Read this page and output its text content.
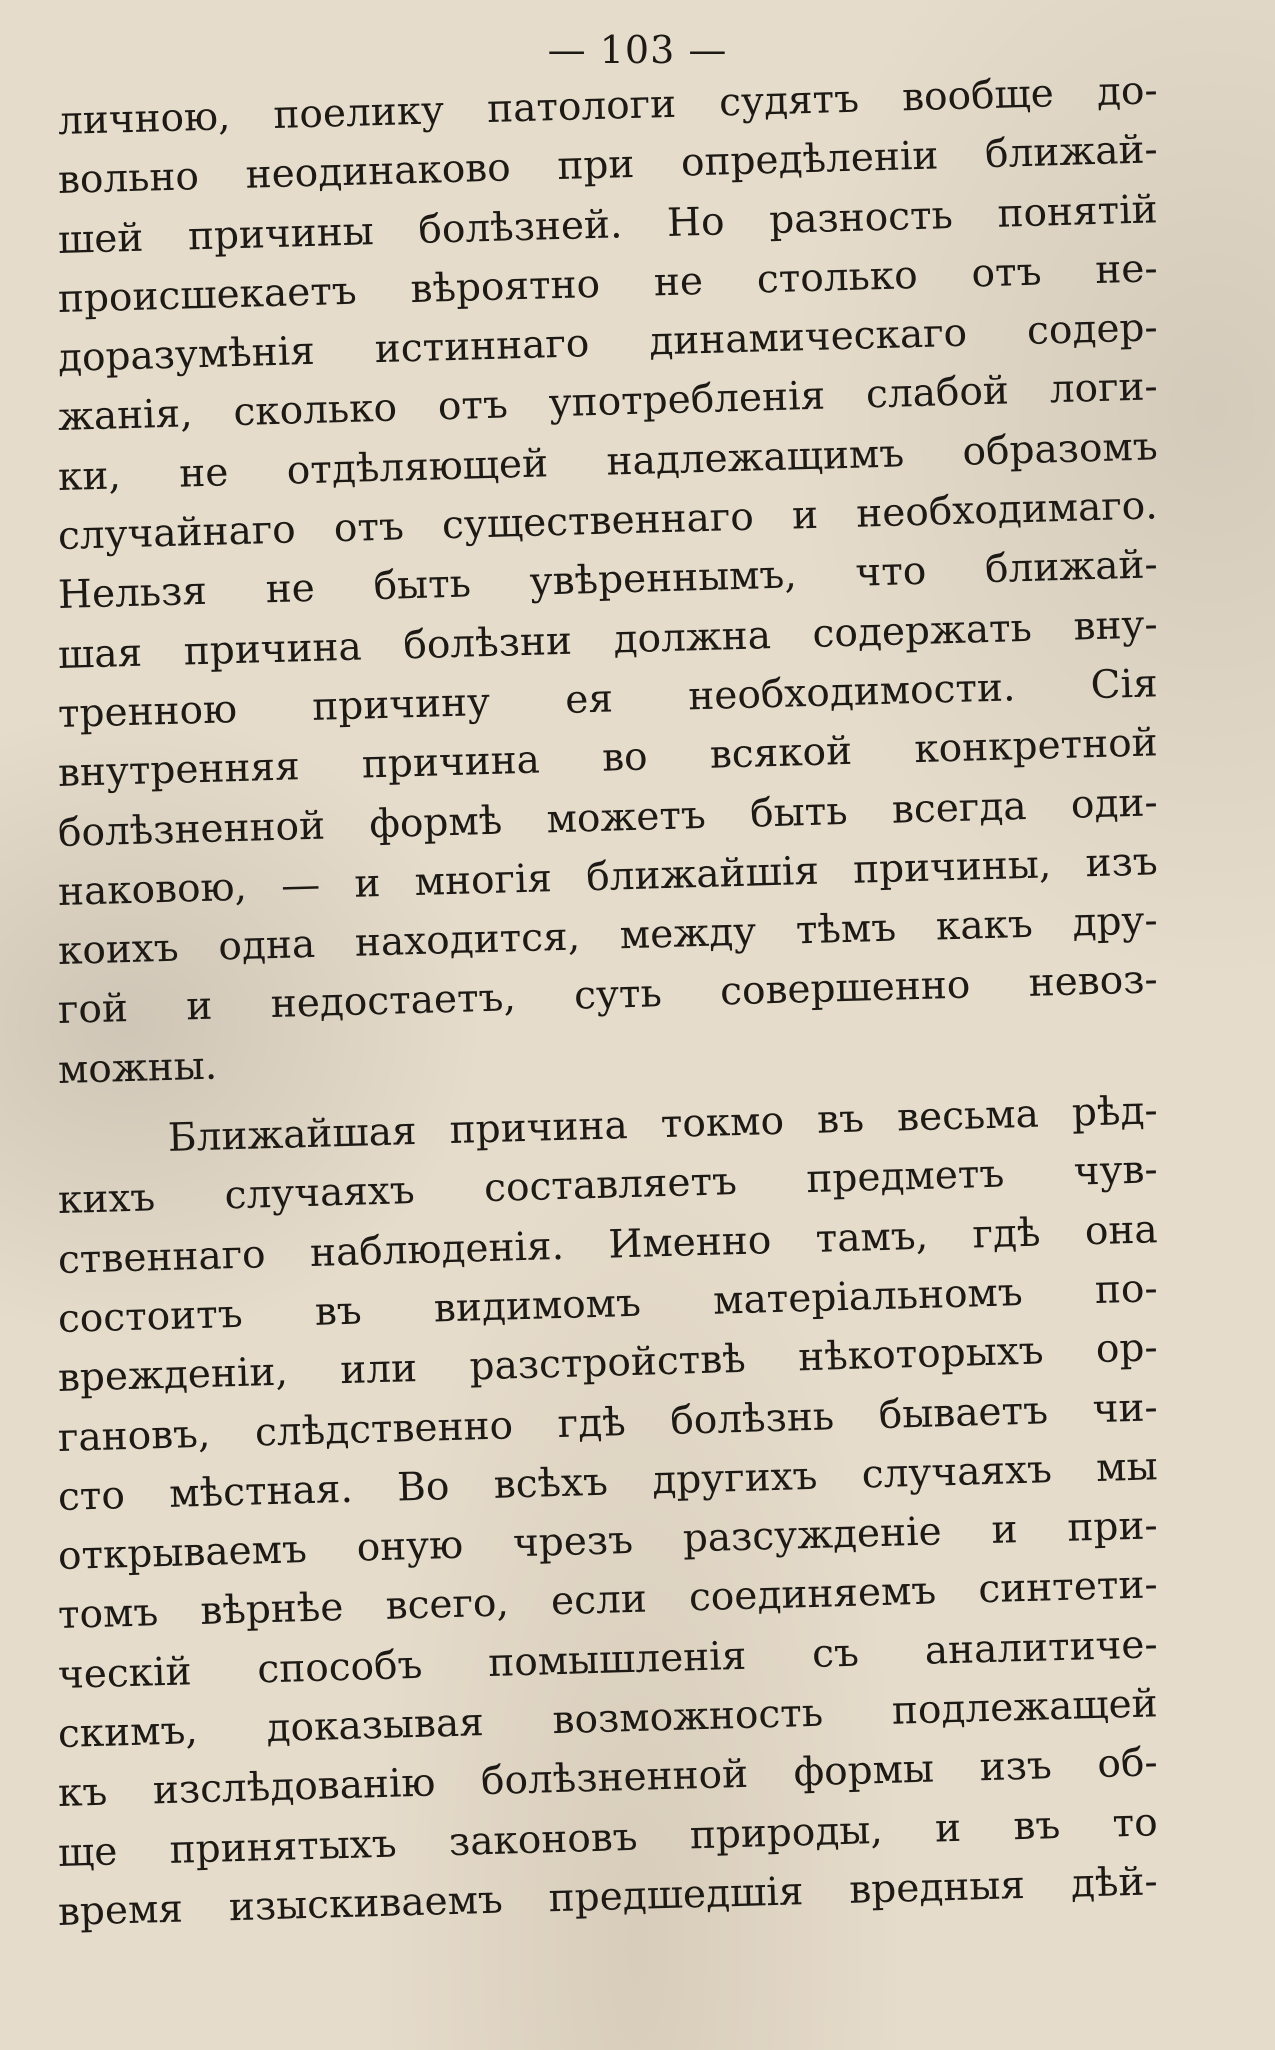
— 103 —
личною, поелику патологи судятъ вообще до-
вольно неодинаково при опредѣленіи ближай-
шей причины болѣзней. Но разность понятій
происшекаетъ вѣроятно не столько отъ не-
доразумѣнія истиннаго динамическаго содер-
жанія, сколько отъ употребленія слабой логи-
ки, не отдѣляющей надлежащимъ образомъ
случайнаго отъ существеннаго и необходимаго.
Нельзя не быть увѣреннымъ, что ближай-
шая причина болѣзни должна содержать вну-
тренною причину ея необходимости. Сія
внутренняя причина во всякой конкретной
болѣзненной формѣ можетъ быть всегда оди-
наковою, — и многія ближайшія причины, изъ
коихъ одна находится, между тѣмъ какъ дру-
гой и недостаетъ, суть совершенно невоз-
можны.
Ближайшая причина токмо въ весьма рѣд-
кихъ случаяхъ составляетъ предметъ чув-
ственнаго наблюденія. Именно тамъ, гдѣ она
состоитъ въ видимомъ матеріальномъ по-
врежденіи, или разстройствѣ нѣкоторыхъ ор-
гановъ, слѣдственно гдѣ болѣзнь бываетъ чи-
сто мѣстная. Во всѣхъ другихъ случаяхъ мы
открываемъ оную чрезъ разсужденіе и при-
томъ вѣрнѣе всего, если соединяемъ синтети-
ческій способъ помышленія съ аналитиче-
скимъ, доказывая возможность подлежащей
къ изслѣдованію болѣзненной формы изъ об-
ще принятыхъ законовъ природы, и въ то
время изыскиваемъ предшедшія вредныя дѣй-
